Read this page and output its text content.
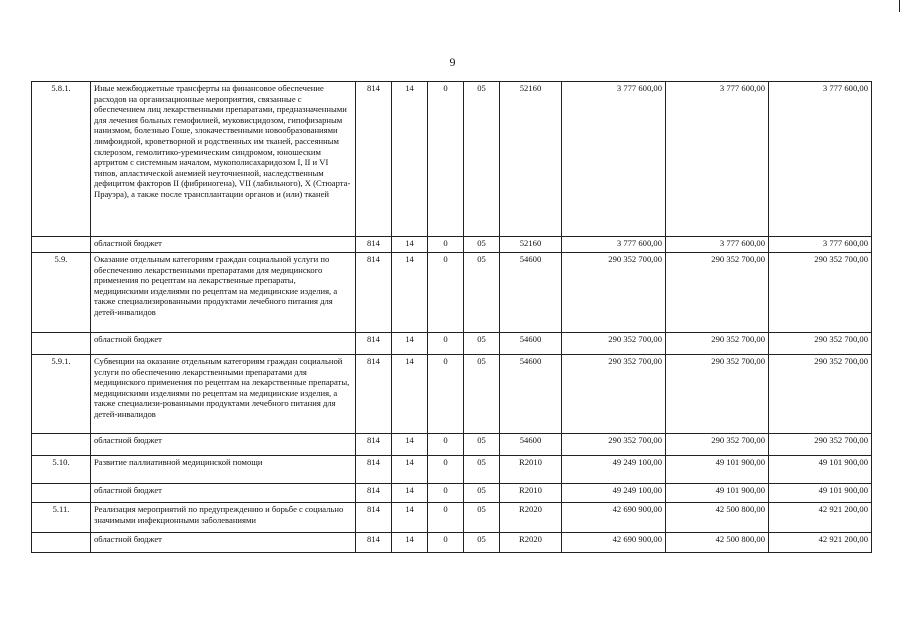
9
5.8.1.	Иные межбюджетные трансферты на финансовое обеспечение расходов на организационные мероприятия, связанные с обеспечением лиц лекарственными препаратами, предназначенными для лечения больных гемофилией, муковисцидозом, гипофизарным нанизмом, болезнью Гоше, злокачественными новообразованиями лимфоидной, кроветворной и родственных им тканей, рассеянным склерозом, гемолитико-уремическим синдромом, юношеским артритом с системным началом, мукополисахаридозом I, II и VI типов, апластической анемией неуточненной, наследственным дефицитом факторов II (фибриногена), VII (лабильного), X (Стюарта-Прауэра), а также после трансплантации органов и (или) тканей	814	14	0	05	52160	3 777 600,00	3 777 600,00	3 777 600,00
	областной бюджет	814	14	0	05	52160	3 777 600,00	3 777 600,00	3 777 600,00
5.9.	Оказание отдельным категориям граждан социальной услуги по обеспечению лекарственными препаратами для медицинского применения по рецептам на лекарственные препараты, медицинскими изделиями по рецептам на медицинские изделия, а также специализированными продуктами лечебного питания для детей-инвалидов	814	14	0	05	54600	290 352 700,00	290 352 700,00	290 352 700,00
	областной бюджет	814	14	0	05	54600	290 352 700,00	290 352 700,00	290 352 700,00
5.9.1.	Субвенции на оказание отдельным категориям граждан социальной услуги по обеспечению лекарственными препаратами для медицинского применения по рецептам на лекарственные препараты, медицинскими изделиями по рецептам на медицинские изделия, а также специализи-рованными продуктами лечебного питания для детей-инвалидов	814	14	0	05	54600	290 352 700,00	290 352 700,00	290 352 700,00
	областной бюджет	814	14	0	05	54600	290 352 700,00	290 352 700,00	290 352 700,00
5.10.	Развитие паллиативной медицинской помощи	814	14	0	05	R2010	49 249 100,00	49 101 900,00	49 101 900,00
	областной бюджет	814	14	0	05	R2010	49 249 100,00	49 101 900,00	49 101 900,00
5.11.	Реализация мероприятий по предупреждению и борьбе с социально значимыми инфекционными заболеваниями	814	14	0	05	R2020	42 690 900,00	42 500 800,00	42 921 200,00
	областной бюджет	814	14	0	05	R2020	42 690 900,00	42 500 800,00	42 921 200,00
